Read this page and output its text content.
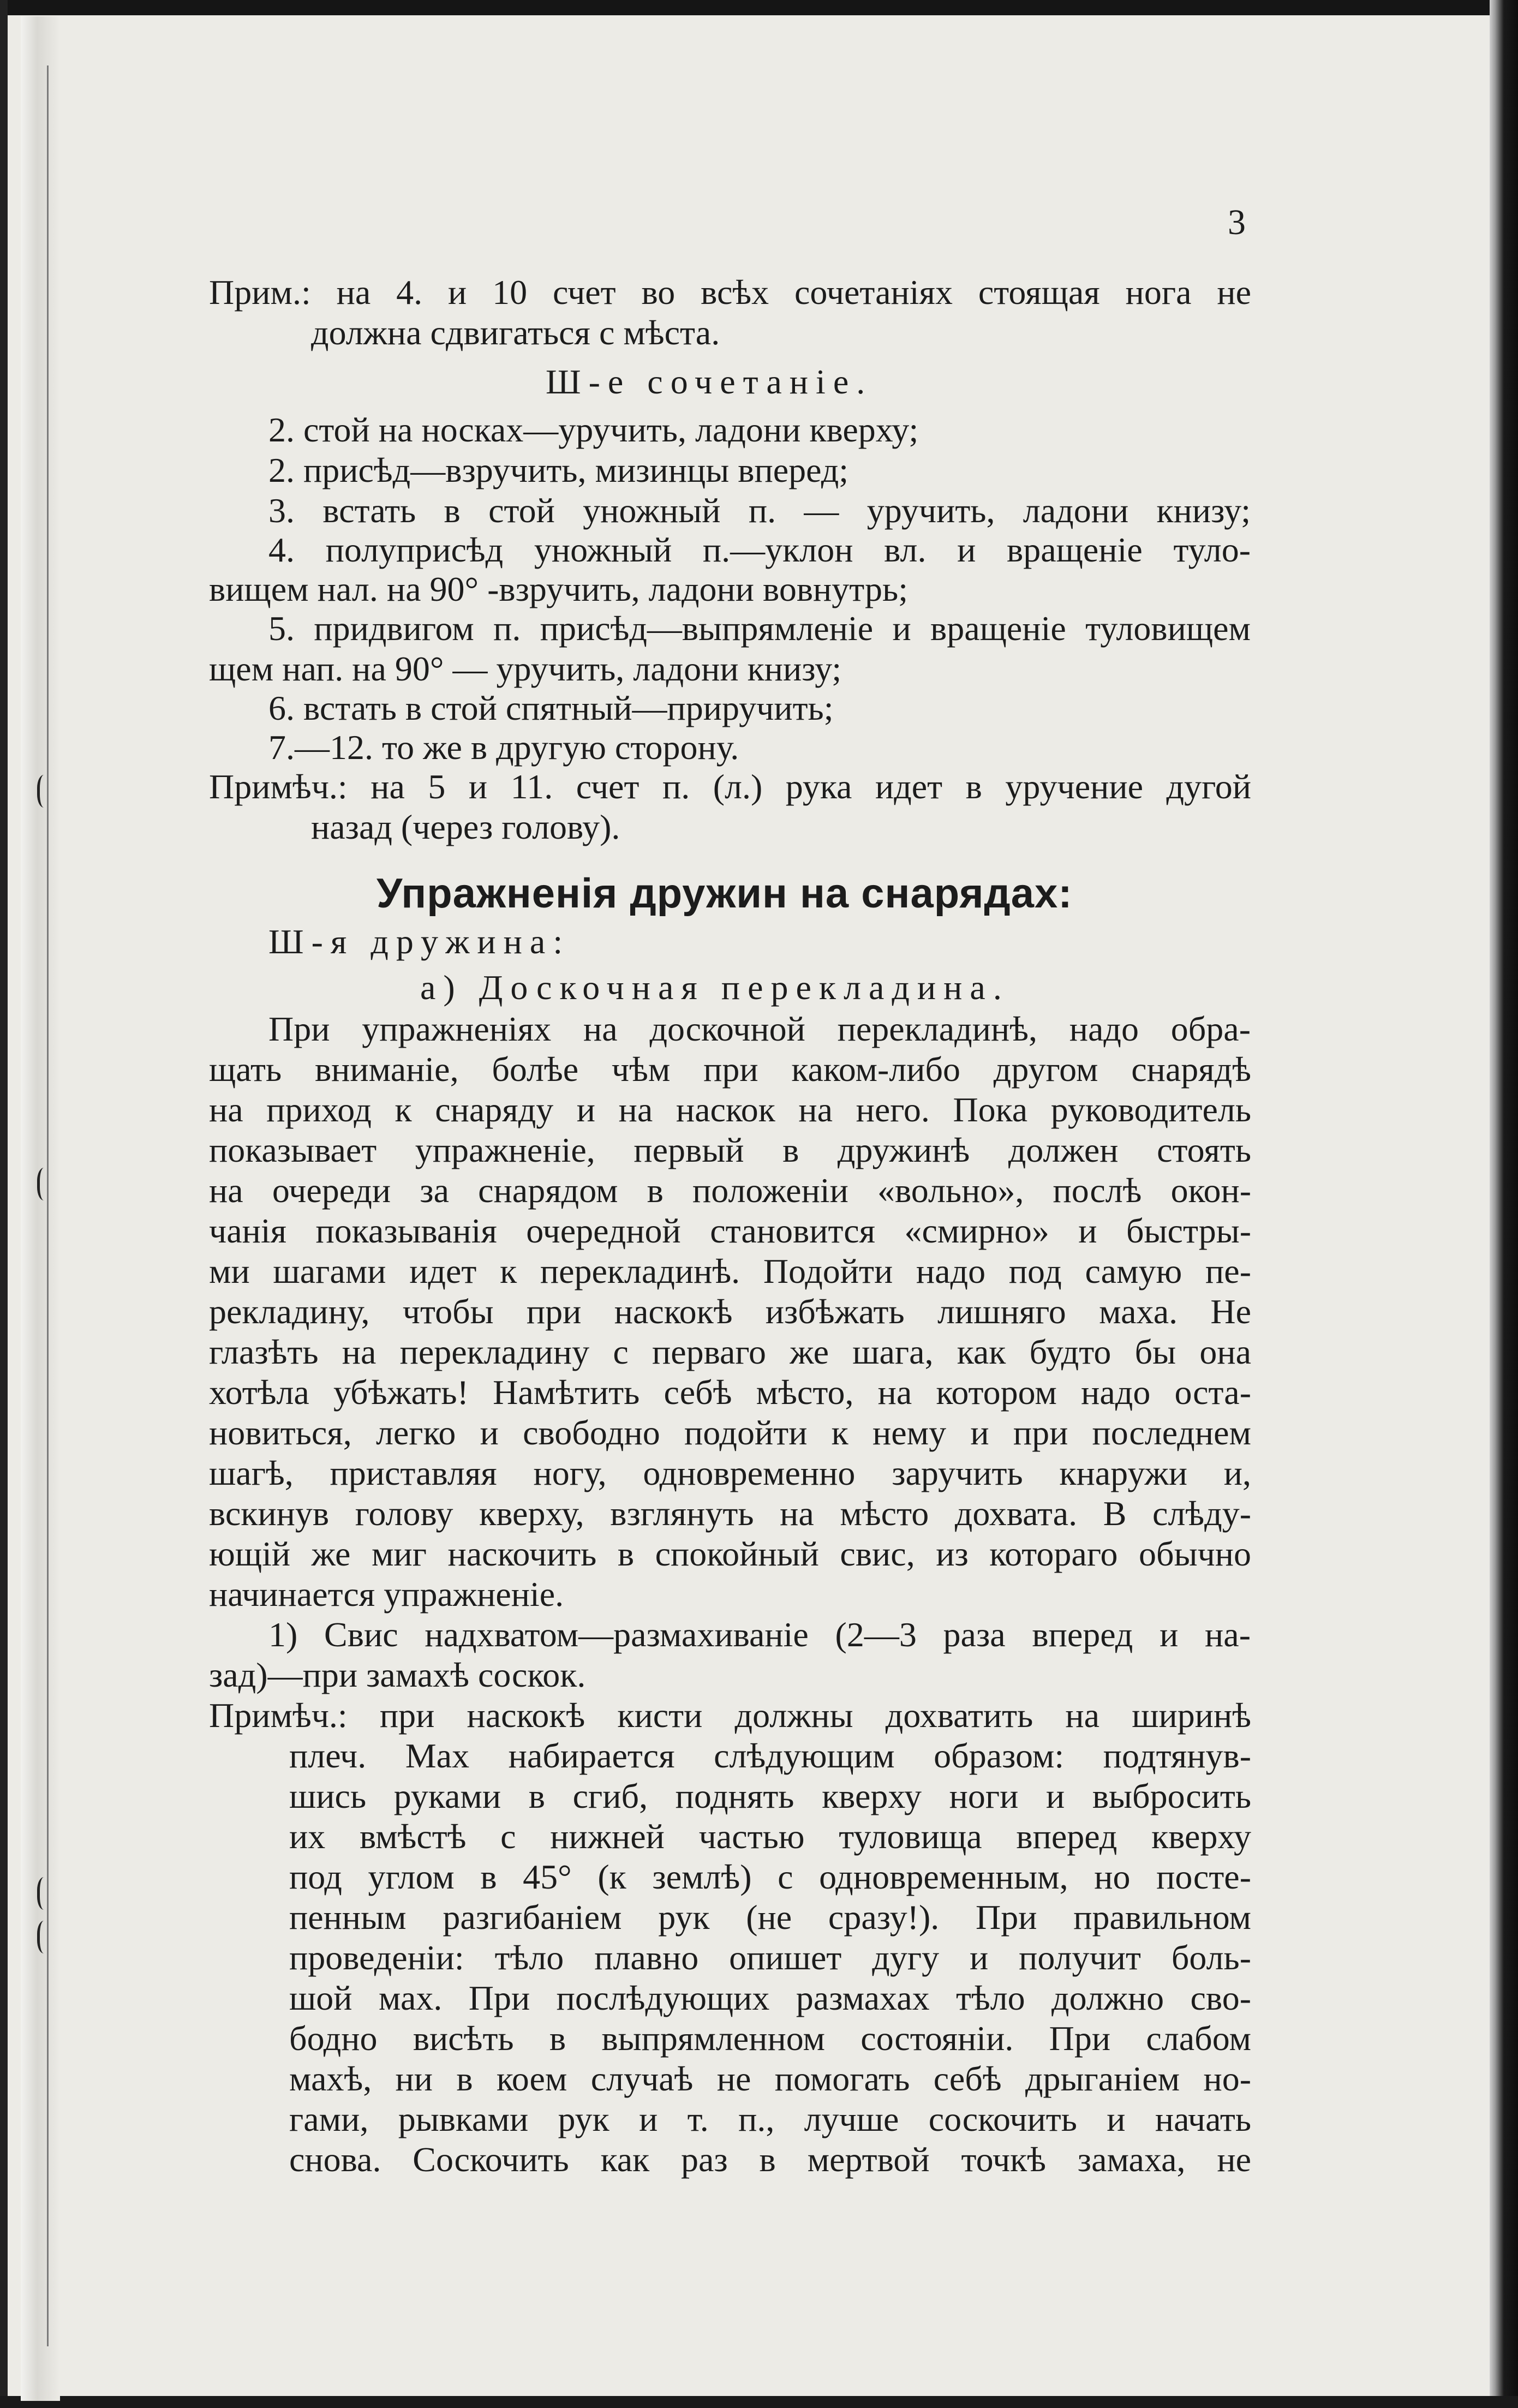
3
Прим.: на 4. и 10 счет во всѣх сочетаніях стоящая нога не
должна сдвигаться с мѣста.
Ш-е сочетаніе.
2. стой на носках—уручить, ладони кверху;
2. присѣд—взручить, мизинцы вперед;
3. встать в стой уножный п. — уручить, ладони книзу;
4. полуприсѣд уножный п.—уклон вл. и вращеніе туло-
вищем нал. на 90° -взручить, ладони вовнутрь;
5. придвигом п. присѣд—выпрямленіе и вращеніе туловищем
щем нап. на 90° — уручить, ладони книзу;
6. встать в стой спятный—приручить;
7.—12. то же в другую сторону.
Примѣч.: на 5 и 11. счет п. (л.) рука идет в уручение дугой
назад (через голову).
Упражненія дружин на снарядах:
Ш-я дружина:
а) Доскочная перекладина.
При упражненіях на доскочной перекладинѣ, надо обра-
щать вниманіе, болѣе чѣм при каком-либо другом снарядѣ
на приход к снаряду и на наскок на него. Пока руководитель
показывает упражненіе, первый в дружинѣ должен стоять
на очереди за снарядом в положеніи «вольно», послѣ окон-
чанія показыванія очередной становится «смирно» и быстры-
ми шагами идет к перекладинѣ. Подойти надо под самую пе-
рекладину, чтобы при наскокѣ избѣжать лишняго маха. Не
глазѣть на перекладину с перваго же шага, как будто бы она
хотѣла убѣжать! Намѣтить себѣ мѣсто, на котором надо оста-
новиться, легко и свободно подойти к нему и при последнем
шагѣ, приставляя ногу, одновременно заручить кнаружи и,
вскинув голову кверху, взглянуть на мѣсто дохвата. В слѣду-
ющій же миг наскочить в спокойный свис, из котораго обычно
начинается упражненіе.
1) Свис надхватом—размахиваніе (2—3 раза вперед и на-
зад)—при замахѣ соскок.
Примѣч.: при наскокѣ кисти должны дохватить на ширинѣ
плеч. Мах набирается слѣдующим образом: подтянув-
шись руками в сгиб, поднять кверху ноги и выбросить
их вмѣстѣ с нижней частью туловища вперед кверху
под углом в 45° (к землѣ) с одновременным, но посте-
пенным разгибаніем рук (не сразу!). При правильном
проведеніи: тѣло плавно опишет дугу и получит боль-
шой мах. При послѣдующих размахах тѣло должно сво-
бодно висѣть в выпрямленном состояніи. При слабом
махѣ, ни в коем случаѣ не помогать себѣ дрыганіем но-
гами, рывками рук и т. п., лучше соскочить и начать
снова. Соскочить как раз в мертвой точкѣ замаха, не
